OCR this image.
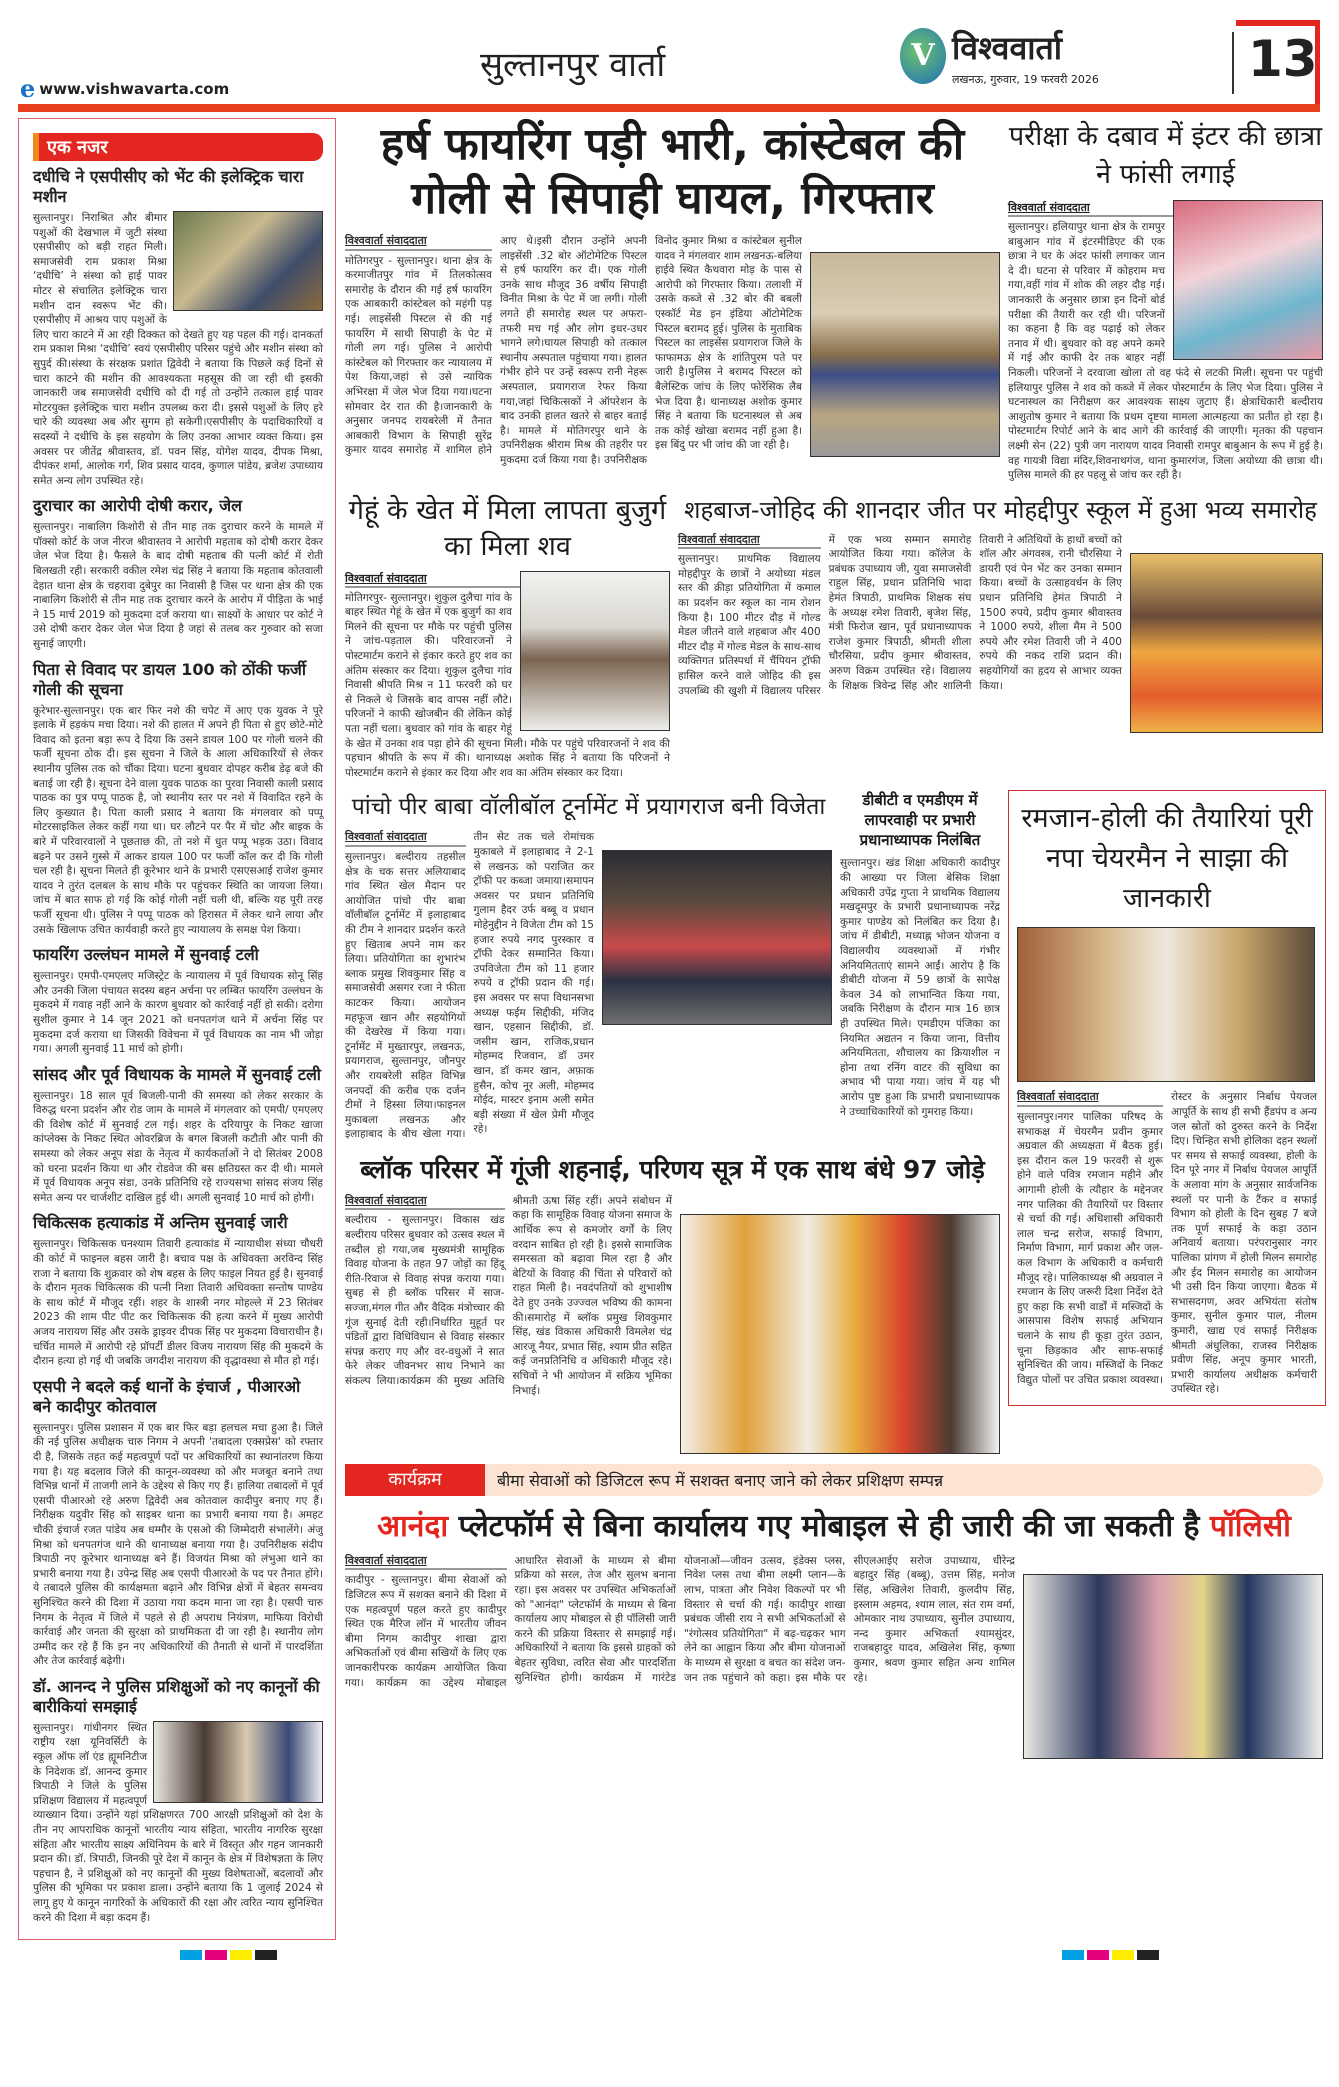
e www.vishwavarta.com
सुल्तानपुर वार्ता	V विश्ववार्ता
लखनऊ, गुरुवार, 19 फरवरी 2026	13
एक नजर
दधीचि ने एसपीसीए को भेंट की इलेक्ट्रिक चारा मशीन
सुल्तानपुर। निराश्रित और बीमार पशुओं की देखभाल में जुटी संस्था एसपीसीए को बड़ी राहत मिली। समाजसेवी राम प्रकाश मिश्रा ‘दधीचि’ ने संस्था को हाई पावर मोटर से संचालित इलेक्ट्रिक चारा मशीन दान स्वरूप भेंट की।एसपीसीए में आश्रय पाए पशुओं के लिए चारा काटने में आ रही दिक्कत को देखते हुए यह पहल की गई। दानकर्ता राम प्रकाश मिश्रा ‘दधीचि’ स्वयं एसपीसीए परिसर पहुंचे और मशीन संस्था को सुपुर्द की।संस्था के संरक्षक प्रशांत द्विवेदी ने बताया कि पिछले कई दिनों से चारा काटने की मशीन की आवश्यकता महसूस की जा रही थी इसकी जानकारी जब समाजसेवी दधीचि को दी गई तो उन्होंने तत्काल हाई पावर मोटरयुक्त इलेक्ट्रिक चारा मशीन उपलब्ध करा दी। इससे पशुओं के लिए हरे चारे की व्यवस्था अब और सुगम हो सकेगी।एसपीसीए के पदाधिकारियों व सदस्यों ने दधीचि के इस सहयोग के लिए उनका आभार व्यक्त किया। इस अवसर पर जीतेंद्र श्रीवास्तव, डॉ. पवन सिंह, योगेश यादव, दीपक मिश्रा, दीपंकर शर्मा, आलोक गर्ग, शिव प्रसाद यादव, कुणाल पांडेय, ब्रजेश उपाध्याय समेत अन्य लोग उपस्थित रहे।
दुराचार का आरोपी दोषी करार, जेल
सुल्तानपुर। नाबालिग किशोरी से तीन माह तक दुराचार करने के मामले में पॉक्सो कोर्ट के जज नीरज श्रीवास्तव ने आरोपी महताब को दोषी करार देकर जेल भेज दिया है। फैसले के बाद दोषी महताब की पत्नी कोर्ट में रोती बिलखती रही। सरकारी वकील रमेश चंद्र सिंह ने बताया कि महताब कोतवाली देहात थाना क्षेत्र के चहरावा दुबेपुर का निवासी है जिस पर थाना क्षेत्र की एक नाबालिग किशोरी से तीन माह तक दुराचार करने के आरोप में पीड़िता के भाई ने 15 मार्च 2019 को मुकदमा दर्ज कराया था। साक्ष्यों के आधार पर कोर्ट ने उसे दोषी करार देकर जेल भेज दिया है जहां से तलब कर गुरुवार को सजा सुनाई जाएगी।
पिता से विवाद पर डायल 100 को ठोंकी फर्जी गोली की सूचना
कूरेभार-सुल्तानपुर। एक बार फिर नशे की चपेट में आए एक युवक ने पूरे इलाके में हड़कंप मचा दिया। नशे की हालत में अपने ही पिता से हुए छोटे-मोटे विवाद को इतना बड़ा रूप दे दिया कि उसने डायल 100 पर गोली चलने की फर्जी सूचना ठोक दी। इस सूचना ने जिले के आला अधिकारियों से लेकर स्थानीय पुलिस तक को चौंका दिया। घटना बुधवार दोपहर करीब डेढ़ बजे की बताई जा रही है। सूचना देने वाला युवक पाठक का पुरवा निवासी काली प्रसाद पाठक का पुत्र पप्पू पाठक है, जो स्थानीय स्तर पर नशे में विवादित रहने के लिए कुख्यात है। पिता काली प्रसाद ने बताया कि मंगलवार को पप्पू मोटरसाइकिल लेकर कहीं गया था। घर लौटने पर पैर में चोट और बाइक के बारे में परिवारवालों ने पूछताछ की, तो नशे में धुत पप्पू भड़क उठा। विवाद बढ़ने पर उसने गुस्से में आकर डायल 100 पर फर्जी कॉल कर दी कि गोली चल रही है। सूचना मिलते ही कूरेभार थाने के प्रभारी एसएसआई राजेश कुमार यादव ने तुरंत दलबल के साथ मौके पर पहुंचकर स्थिति का जायजा लिया। जांच में बात साफ हो गई कि कोई गोली नहीं चली थी, बल्कि यह पूरी तरह फर्जी सूचना थी। पुलिस ने पप्पू पाठक को हिरासत में लेकर थाने लाया और उसके खिलाफ उचित कार्यवाही करते हुए न्यायालय के समक्ष पेश किया।
फायरिंग उल्लंघन मामले में सुनवाई टली
सुल्तानपुर। एमपी-एमएलए मजिस्ट्रेट के न्यायालय में पूर्व विधायक सोनू सिंह और उनकी जिला पंचायत सदस्य बहन अर्चना पर लम्बित फायरिंग उल्लंघन के मुकदमे में गवाह नहीं आने के कारण बुधवार को कार्रवाई नहीं हो सकी। दरोगा सुशील कुमार ने 14 जून 2021 को धनपतगंज थाने में अर्चना सिंह पर मुकदमा दर्ज कराया था जिसकी विवेचना में पूर्व विधायक का नाम भी जोड़ा गया। अगली सुनवाई 11 मार्च को होगी।
सांसद और पूर्व विधायक के मामले में सुनवाई टली
सुल्तानपुर। 18 साल पूर्व बिजली-पानी की समस्या को लेकर सरकार के विरुद्ध धरना प्रदर्शन और रोड जाम के मामले में मंगलवार को एमपी/ एमएलए की विशेष कोर्ट में सुनवाई टल गई। शहर के दरियापुर के निकट खाजा कांप्लेक्स के निकट स्थित ओवरब्रिज के बगल बिजली कटौती और पानी की समस्या को लेकर अनूप संडा के नेतृत्व में कार्यकर्ताओं ने दो सितंबर 2008 को धरना प्रदर्शन किया था और रोडवेज की बस क्षतिग्रस्त कर दी थी। मामले में पूर्व विधायक अनूप संडा, उनके प्रतिनिधि रहे राज्यसभा सांसद संजय सिंह समेत अन्य पर चार्जशीट दाखिल हुई थी। अगली सुनवाई 10 मार्च को होगी।
चिकित्सक हत्याकांड में अन्तिम सुनवाई जारी
सुल्तानपुर। चिकित्सक घनश्याम तिवारी हत्याकांड में न्यायाधीश संध्या चौधरी की कोर्ट में फाइनल बहस जारी है। बचाव पक्ष के अधिवक्ता अरविन्द सिंह राजा ने बताया कि शुक्रवार को शेष बहस के लिए फाइल नियत हुई है। सुनवाई के दौरान मृतक चिकित्सक की पत्नी निशा तिवारी अधिवक्ता सन्तोष पाण्डेय के साथ कोर्ट में मौजूद रहीं। शहर के शास्त्री नगर मोहल्ले में 23 सितंबर 2023 की शाम पीट पीट कर चिकित्सक की हत्या करने में मुख्य आरोपी अजय नारायण सिंह और उसके ड्राइवर दीपक सिंह पर मुकदमा विचाराधीन है। चर्चित मामले में आरोपी रहे प्रॉपर्टी डीलर विजय नारायण सिंह की मुकदमे के दौरान हत्या हो गई थी जबकि जगदीश नारायण की वृद्धावस्था से मौत हो गई।
एसपी ने बदले कई थानों के इंचार्ज , पीआरओ बने कादीपुर कोतवाल
सुल्तानपुर। पुलिस प्रशासन में एक बार फिर बड़ा हलचल मचा हुआ है। जिले की नई पुलिस अधीक्षक चारु निगम ने अपनी 'तबादला एक्सप्रेस' को रफ्तार दी है, जिसके तहत कई महत्वपूर्ण पदों पर अधिकारियों का स्थानांतरण किया गया है। यह बदलाव जिले की कानून-व्यवस्था को और मजबूत बनाने तथा विभिन्न थानों में ताजगी लाने के उद्देश्य से किए गए हैं। हालिया तबादलों में पूर्व एसपी पीआरओ रहे अरुण द्विवेदी अब कोतवाल कादीपुर बनाए गए हैं। निरीक्षक यदुवीर सिंह को साइबर थाना का प्रभारी बनाया गया है। अमहट चौकी इंचार्ज रजत पांडेय अब धम्मौर के एसओ की जिम्मेदारी संभालेंगे। अंजु मिश्रा को धनपतगंज थाने की थानाध्यक्ष बनाया गया है। उपनिरीक्षक संदीप त्रिपाठी नए कूरेभार थानाध्यक्ष बने हैं। विजयंत मिश्रा को लंभुआ थाने का प्रभारी बनाया गया है। उपेन्द्र सिंह अब एसपी पीआरओ के पद पर तैनात होंगे। ये तबादले पुलिस की कार्यक्षमता बढ़ाने और विभिन्न क्षेत्रों में बेहतर समन्वय सुनिश्चित करने की दिशा में उठाया गया कदम माना जा रहा है। एसपी चारु निगम के नेतृत्व में जिले में पहले से ही अपराध नियंत्रण, माफिया विरोधी कार्रवाई और जनता की सुरक्षा को प्राथमिकता दी जा रही है। स्थानीय लोग उम्मीद कर रहे हैं कि इन नए अधिकारियों की तैनाती से थानों में पारदर्शिता और तेज कार्रवाई बढ़ेगी।
डॉ. आनन्द ने पुलिस प्रशिक्षुओं को नए कानूनों की बारीकियां समझाई
सुल्तानपुर। गांधीनगर स्थित राष्ट्रीय रक्षा यूनिवर्सिटी के स्कूल ऑफ लॉ एंड ह्यूमनिटीज के निदेशक डॉ. आनन्द कुमार त्रिपाठी ने जिले के पुलिस प्रशिक्षण विद्यालय में महत्वपूर्ण व्याख्यान दिया। उन्होंने यहां प्रशिक्षणरत 700 आरक्षी प्रशिक्षुओं को देश के तीन नए आपराधिक कानूनों भारतीय न्याय संहिता, भारतीय नागरिक सुरक्षा संहिता और भारतीय साक्ष्य अधिनियम के बारे में विस्तृत और गहन जानकारी प्रदान की। डॉ. त्रिपाठी, जिनकी पूरे देश में कानून के क्षेत्र में विशेषज्ञता के लिए पहचान है, ने प्रशिक्षुओं को नए कानूनों की मुख्य विशेषताओं, बदलावों और पुलिस की भूमिका पर प्रकाश डाला। उन्होंने बताया कि 1 जुलाई 2024 से लागू हुए ये कानून नागरिकों के अधिकारों की रक्षा और त्वरित न्याय सुनिश्चित करने की दिशा में बड़ा कदम हैं।
हर्ष फायरिंग पड़ी भारी, कांस्टेबल की गोली से सिपाही घायल, गिरफ्तार
विश्ववार्ता संवाददाता
मोतिगरपुर - सुल्तानपुर। थाना क्षेत्र के करमाजीतपुर गांव में तिलकोत्सव समारोह के दौरान की गई हर्ष फायरिंग एक आबकारी कांस्टेबल को महंगी पड़ गई। लाइसेंसी पिस्टल से की गई फायरिंग में साथी सिपाही के पेट में गोली लग गई। पुलिस ने आरोपी कांस्टेबल को गिरफ्तार कर न्यायालय में पेश किया,जहां से उसे न्यायिक अभिरक्षा में जेल भेज दिया गया।घटना सोमवार देर रात की है।जानकारी के अनुसार जनपद रायबरेली में तैनात आबकारी विभाग के सिपाही सुरेंद्र कुमार यादव समारोह में शामिल होने आए थे।इसी दौरान उन्होंने अपनी लाइसेंसी .32 बोर ऑटोमेटिक पिस्टल से हर्ष फायरिंग कर दी। एक गोली उनके साथ मौजूद 36 वर्षीय सिपाही विनीत मिश्रा के पेट में जा लगी। गोली लगते ही समारोह स्थल पर अफरा-तफरी मच गई और लोग इधर-उधर भागने लगे।घायल सिपाही को तत्काल स्थानीय अस्पताल पहुंचाया गया। हालत गंभीर होने पर उन्हें स्वरूप रानी नेहरू अस्पताल, प्रयागराज रेफर किया गया,जहां चिकित्सकों ने ऑपरेशन के बाद उनकी हालत खतरे से बाहर बताई है। मामले में मोतिगरपुर थाने के उपनिरीक्षक श्रीराम मिश्र की तहरीर पर मुकदमा दर्ज किया गया है। उपनिरीक्षक विनोद कुमार मिश्रा व कांस्टेबल सुनील यादव ने मंगलवार शाम लखनऊ-बलिया हाईवे स्थित कैथवारा मोड़ के पास से आरोपी को गिरफ्तार किया। तलाशी में उसके कब्जे से .32 बोर की बबली एस्कॉर्ट मेड इन इंडिया ऑटोमेटिक पिस्टल बरामद हुई। पुलिस के मुताबिक पिस्टल का लाइसेंस प्रयागराज जिले के फाफामऊ क्षेत्र के शांतिपुरम पते पर जारी है।पुलिस ने बरामद पिस्टल को बैलेस्टिक जांच के लिए फोरेंसिक लैब भेज दिया है। थानाध्यक्ष अशोक कुमार सिंह ने बताया कि घटनास्थल से अब तक कोई खोखा बरामद नहीं हुआ है। इस बिंदु पर भी जांच की जा रही है।
परीक्षा के दबाव में इंटर की छात्रा ने फांसी लगाई
विश्ववार्ता संवाददाता
सुल्तानपुर। हलियापुर थाना क्षेत्र के रामपुर बाबुआन गांव में इंटरमीडिएट की एक छात्रा ने घर के अंदर फांसी लगाकर जान दे दी। घटना से परिवार में कोहराम मच गया,वहीं गांव में शोक की लहर दौड़ गई। जानकारी के अनुसार छात्रा इन दिनों बोर्ड परीक्षा की तैयारी कर रही थी। परिजनों का कहना है कि वह पढ़ाई को लेकर तनाव में थी। बुधवार को वह अपने कमरे में गई और काफी देर तक बाहर नहीं निकली। परिजनों ने दरवाजा खोला तो वह फंदे से लटकी मिली। सूचना पर पहुंची हलियापुर पुलिस ने शव को कब्जे में लेकर पोस्टमार्टम के लिए भेज दिया। पुलिस ने घटनास्थल का निरीक्षण कर आवश्यक साक्ष्य जुटाए हैं। क्षेत्राधिकारी बल्दीराय आशुतोष कुमार ने बताया कि प्रथम दृष्टया मामला आत्महत्या का प्रतीत हो रहा है। पोस्टमार्टम रिपोर्ट आने के बाद आगे की कार्रवाई की जाएगी। मृतका की पहचान लक्ष्मी सेन (22) पुत्री जग नारायण यादव निवासी रामपुर बाबुआन के रूप में हुई है। वह गायत्री विद्या मंदिर,शिवनाथगंज, थाना कुमारगंज, जिला अयोध्या की छात्रा थी। पुलिस मामले की हर पहलू से जांच कर रही है।
गेहूं के खेत में मिला लापता बुजुर्ग का मिला शव
विश्ववार्ता संवाददाता
मोतिगरपुर- सुल्तानपुर। शुकुल दुलैचा गांव के बाहर स्थित गेहूं के खेत में एक बुजुर्ग का शव मिलने की सूचना पर मौके पर पहुंची पुलिस ने जांच-पड़ताल की। परिवारजनों ने पोस्टमार्टम कराने से इंकार करते हुए शव का अंतिम संस्कार कर दिया। शुकुल दुलैचा गांव निवासी श्रीपति मिश्र न 11 फरवरी को घर से निकले थे जिसके बाद वापस नहीं लौटे। परिजनों ने काफी खोजबीन की लेकिन कोई पता नहीं चला। बुधवार को गांव के बाहर गेहूं के खेत में उनका शव पड़ा होने की सूचना मिली। मौके पर पहुंचे परिवारजनों ने शव की पहचान श्रीपति के रूप में की। थानाध्यक्ष अशोक सिंह ने बताया कि परिजनों ने पोस्टमार्टम कराने से इंकार कर दिया और शव का अंतिम संस्कार कर दिया।
शहबाज-जोहिद की शानदार जीत पर मोहद्दीपुर स्कूल में हुआ भव्य समारोह
विश्ववार्ता संवाददाता
सुल्तानपुर। प्राथमिक विद्यालय मोहद्दीपुर के छात्रों ने अयोध्या मंडल स्तर की क्रीड़ा प्रतियोगिता में कमाल का प्रदर्शन कर स्कूल का नाम रोशन किया है। 100 मीटर दौड़ में गोल्ड मेडल जीतने वाले शहबाज और 400 मीटर दौड़ में गोल्ड मेडल के साथ-साथ व्यक्तिगत प्रतिस्पर्धा में चैंपियन ट्रॉफी हासिल करने वाले जोहिद की इस उपलब्धि की खुशी में विद्यालय परिसर में एक भव्य सम्मान समारोह आयोजित किया गया। कॉलेज के प्रबंधक उपाध्याय जी, युवा समाजसेवी राहुल सिंह, प्रधान प्रतिनिधि भादा हेमंत त्रिपाठी, प्राथमिक शिक्षक संघ के अध्यक्ष रमेश तिवारी, बृजेश सिंह, मंत्री फिरोज खान, पूर्व प्रधानाध्यापक राजेश कुमार त्रिपाठी, श्रीमती शीला चौरसिया, प्रदीप कुमार श्रीवास्तव, अरुण विक्रम उपस्थित रहे। विद्यालय के शिक्षक त्रिवेन्द्र सिंह और शालिनी तिवारी ने अतिथियों के हाथों बच्चों को शॉल और अंगवस्त्र, रानी चौरसिया ने डायरी एवं पेन भेंट कर उनका सम्मान किया। बच्चों के उत्साहवर्धन के लिए प्रधान प्रतिनिधि हेमंत त्रिपाठी ने 1500 रुपये, प्रदीप कुमार श्रीवास्तव ने 1000 रुपये, शीला मैम ने 500 रुपये और रमेश तिवारी जी ने 400 रुपये की नकद राशि प्रदान की। सहयोगियों का हृदय से आभार व्यक्त किया।
पांचो पीर बाबा वॉलीबॉल टूर्नामेंट में प्रयागराज बनी विजेता
विश्ववार्ता संवाददाता
सुल्तानपुर। बल्दीराय तहसील क्षेत्र के चक सत्तर अलियाबाद गांव स्थित खेल मैदान पर आयोजित पांचो पीर बाबा वॉलीबॉल टूर्नामेंट में इलाहाबाद की टीम ने शानदार प्रदर्शन करते हुए खिताब अपने नाम कर लिया। प्रतियोगिता का शुभारंभ ब्लाक प्रमुख शिवकुमार सिंह व समाजसेवी असगर रजा ने फीता काटकर किया। आयोजन महफूज खान और सहयोगियों की देखरेख में किया गया। टूर्नामेंट में मुख्तारपुर, लखनऊ, प्रयागराज, सुल्तानपुर, जौनपुर और रायबरेली सहित विभिन्न जनपदों की करीब एक दर्जन टीमों ने हिस्सा लिया।फाइनल मुकाबला लखनऊ और इलाहाबाद के बीच खेला गया। तीन सेट तक चले रोमांचक मुकाबले में इलाहाबाद ने 2-1 से लखनऊ को पराजित कर ट्रॉफी पर कब्जा जमाया।समापन अवसर पर प्रधान प्रतिनिधि गुलाम हैदर उर्फ बब्बू व प्रधान मोहेनुद्दीन ने विजेता टीम को 15 हजार रुपये नगद पुरस्कार व ट्रॉफी देकर सम्मानित किया।उपविजेता टीम को 11 हजार रुपये व ट्रॉफी प्रदान की गई। इस अवसर पर सपा विधानसभा अध्यक्ष फईम सिद्दीकी, मंजिद खान, एहसान सिद्दीकी, डॉ. जसीम खान, राजिक,प्रधान मोहम्मद रिजवान, डॉ उमर खान, डॉ कमर खान, अफ़ाक हुसैन, कोच नूर अली, मोहम्मद मोईद, मास्टर इनाम अली समेत बड़ी संख्या में खेल प्रेमी मौजूद रहे।
डीबीटी व एमडीएम में लापरवाही पर प्रभारी प्रधानाध्यापक निलंबित
सुल्तानपुर। खंड शिक्षा अधिकारी कादीपुर की आख्या पर जिला बेसिक शिक्षा अधिकारी उपेंद्र गुप्ता ने प्राथमिक विद्यालय मखदूमपुर के प्रभारी प्रधानाध्यापक नरेंद्र कुमार पाण्डेय को निलंबित कर दिया है। जांच में डीबीटी, मध्याह्न भोजन योजना व विद्यालयीय व्यवस्थाओं में गंभीर अनियमितताएं सामने आईं। आरोप है कि डीबीटी योजना में 59 छात्रों के सापेक्ष केवल 34 को लाभान्वित किया गया, जबकि निरीक्षण के दौरान मात्र 16 छात्र ही उपस्थित मिले। एमडीएम पंजिका का नियमित अद्यतन न किया जाना, वित्तीय अनियमितता, शौचालय का क्रियाशील न होना तथा रनिंग वाटर की सुविधा का अभाव भी पाया गया। जांच में यह भी आरोप पुष्ट हुआ कि प्रभारी प्रधानाध्यापक ने उच्चाधिकारियों को गुमराह किया।
ब्लॉक परिसर में गूंजी शहनाई, परिणय सूत्र में एक साथ बंधे 97 जोड़े
विश्ववार्ता संवाददाता
बल्दीराय - सुल्तानपुर। विकास खंड बल्दीराय परिसर बुधवार को उत्सव स्थल में तब्दील हो गया,जब मुख्यमंत्री सामूहिक विवाह योजना के तहत 97 जोड़ों का हिंदू रीति-रिवाज से विवाह संपन्न कराया गया। सुबह से ही ब्लॉक परिसर में साज-सज्जा,मंगल गीत और वैदिक मंत्रोच्चार की गूंज सुनाई देती रही।निर्धारित मुहूर्त पर पंडितों द्वारा विधिविधान से विवाह संस्कार संपन्न कराए गए और वर-वधुओं ने सात फेरे लेकर जीवनभर साथ निभाने का संकल्प लिया।कार्यक्रम की मुख्य अतिथि श्रीमती ऊषा सिंह रहीं। अपने संबोधन में कहा कि सामूहिक विवाह योजना समाज के आर्थिक रूप से कमजोर वर्गों के लिए वरदान साबित हो रही है। इससे सामाजिक समरसता को बढ़ावा मिल रहा है और बेटियों के विवाह की चिंता से परिवारों को राहत मिली है। नवदंपतियों को शुभाशीष देते हुए उनके उज्ज्वल भविष्य की कामना की।समारोह में ब्लॉक प्रमुख शिवकुमार सिंह, खंड विकास अधिकारी विमलेश चंद्र आरजू नैयर, प्रभात सिंह, श्याम प्रीत सहित कई जनप्रतिनिधि व अधिकारी मौजूद रहे। सचिवों ने भी आयोजन में सक्रिय भूमिका निभाई।
रमजान-होली की तैयारियां पूरी नपा चेयरमैन ने साझा की जानकारी
विश्ववार्ता संवाददाता
सुल्तानपुर।नगर पालिका परिषद के सभाकक्ष में चेयरमैन प्रवीन कुमार अग्रवाल की अध्यक्षता में बैठक हुई। इस दौरान कल 19 फरवरी से शुरू होने वाले पवित्र रमजान महीने और आगामी होली के त्यौहार के मद्देनजर नगर पालिका की तैयारियों पर विस्तार से चर्चा की गई। अधिशासी अधिकारी लाल चन्द्र सरोज, सफाई विभाग, निर्माण विभाग, मार्ग प्रकाश और जल-कल विभाग के अधिकारी व कर्मचारी मौजूद रहे। पालिकाध्यक्ष श्री अग्रवाल ने रमजान के लिए जरूरी दिशा निर्देश देते हुए कहा कि सभी वार्डों में मस्जिदों के आसपास विशेष सफाई अभियान चलाने के साथ ही कूड़ा तुरंत उठान, चूना छिड़काव और साफ-सफाई सुनिश्चित की जाय। मस्जिदों के निकट विद्युत पोलों पर उचित प्रकाश व्यवस्था। रोस्टर के अनुसार निर्बाध पेयजल आपूर्ति के साथ ही सभी हैंडपंप व अन्य जल स्रोतों को दुरुस्त करने के निर्देश दिए। चिन्हित सभी होलिका दहन स्थलों पर समय से सफाई व्यवस्था, होली के दिन पूरे नगर में निर्बाध पेयजल आपूर्ति के अलावा मांग के अनुसार सार्वजनिक स्थलों पर पानी के टैंकर व सफाई विभाग को होली के दिन सुबह 7 बजे तक पूर्ण सफाई के कड़ा उठान अनिवार्य बताया। परंपरानुसार नगर पालिका प्रांगण में होली मिलन समारोह और ईद मिलन समारोह का आयोजन भी उसी दिन किया जाएगा। बैठक में सभासदगण, अवर अभियंता संतोष कुमार, सुनील कुमार पाल, नीलम कुमारी, खाद्य एवं सफाई निरीक्षक श्रीमती अंधुलिका, राजस्व निरीक्षक प्रवीण सिंह, अनूप कुमार भारती, प्रभारी कार्यालय अधीक्षक कर्मचारी उपस्थित रहे।
कार्यक्रम	बीमा सेवाओं को डिजिटल रूप में सशक्त बनाए जाने को लेकर प्रशिक्षण सम्पन्न
आनंदा प्लेटफॉर्म से बिना कार्यालय गए मोबाइल से ही जारी की जा सकती है पॉलिसी
विश्ववार्ता संवाददाता
कादीपुर - सुल्तानपुर। बीमा सेवाओं को डिजिटल रूप में सशक्त बनाने की दिशा में एक महत्वपूर्ण पहल करते हुए कादीपुर स्थित एक मैरिज लॉन में भारतीय जीवन बीमा निगम कादीपुर शाखा द्वारा अभिकर्ताओं एवं बीमा सखियों के लिए एक जानकारीपरक कार्यक्रम आयोजित किया गया। कार्यक्रम का उद्देश्य मोबाइल आधारित सेवाओं के माध्यम से बीमा प्रक्रिया को सरल, तेज और सुलभ बनाना रहा। इस अवसर पर उपस्थित अभिकर्ताओं को "आनंदा" प्लेटफॉर्म के माध्यम से बिना कार्यालय आए मोबाइल से ही पॉलिसी जारी करने की प्रक्रिया विस्तार से समझाई गई। अधिकारियों ने बताया कि इससे ग्राहकों को बेहतर सुविधा, त्वरित सेवा और पारदर्शिता सुनिश्चित होगी। कार्यक्रम में गारंटेड योजनाओं—जीवन उत्सव, इंडेक्स प्लस, निवेश प्लस तथा बीमा लक्ष्मी प्लान—के लाभ, पात्रता और निवेश विकल्पों पर भी विस्तार से चर्चा की गई। कादीपुर शाखा प्रबंधक जीसी राय ने सभी अभिकर्ताओं से "रंगोत्सव प्रतियोगिता" में बढ़-चढ़कर भाग लेने का आह्वान किया और बीमा योजनाओं के माध्यम से सुरक्षा व बचत का संदेश जन-जन तक पहुंचाने को कहा। इस मौके पर सीएलआईए सरोज उपाध्याय, धीरेन्द्र बहादुर सिंह (बब्बू), उत्तम सिंह, मनोज सिंह, अखिलेश तिवारी, कुलदीप सिंह, इस्लाम अहमद, श्याम लाल, संत राम वर्मा, ओमकार नाथ उपाध्याय, सुनील उपाध्याय, नन्द कुमार अभिकर्ता श्यामसुंदर, राजबहादुर यादव, अखिलेश सिंह, कृष्णा कुमार, श्रवण कुमार सहित अन्य शामिल रहे।
